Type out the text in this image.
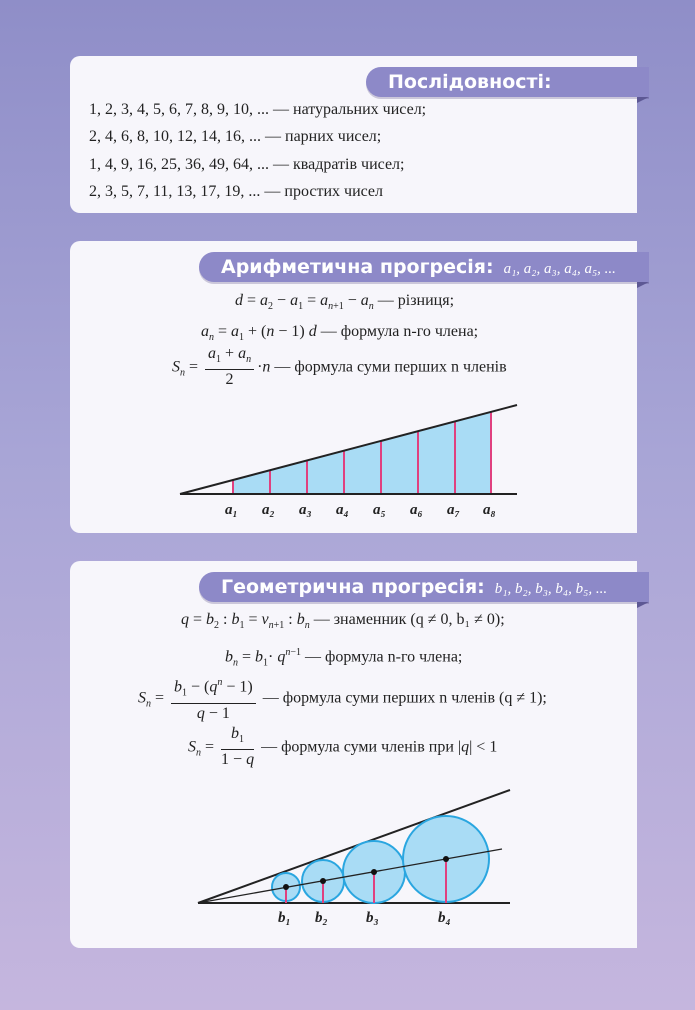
Послідовності:
1, 2, 3, 4, 5, 6, 7, 8, 9, 10, ... — натуральних чисел;
2, 4, 6, 8, 10, 12, 14, 16, ... — парних чисел;
1, 4, 9, 16, 25, 36, 49, 64, ... — квадратів чисел;
2, 3, 5, 7, 11, 13, 17, 19, ... — простих чисел
Арифметична прогресія: a₁, a₂, a₃, a₄, a₅, ...
$d = a_2 - a_1 = a_{n+1} - a_n$ — різниця;
$a_n = a_1 + (n - 1)$ d — формула n-го члена;
$S_n = \frac{a_1 + a_n}{2} \cdot n$ — формула суми перших n членів
a₁ a₂ a₃ a₄ a₅ a₆ a₇ a₈
Геометрична прогресія: b₁, b₂, b₃, b₄, b₅, ...
$q = b_2$ : $b_1 = v_{n+1}$ : $b_n$ — знаменник (q ≠ 0, b₁ ≠ 0);
$b_n = b_1\cdot q^{n-1}$ — формула n-го члена;
$S_n = \frac{b_1 - (q^n - 1)}{q - 1}$ — формула суми перших n членів (q ≠ 1);
$S_n = \frac{b_1}{1 - q}$ — формула суми членів при |q| < 1
b₁ b₂	b₃	b₄
